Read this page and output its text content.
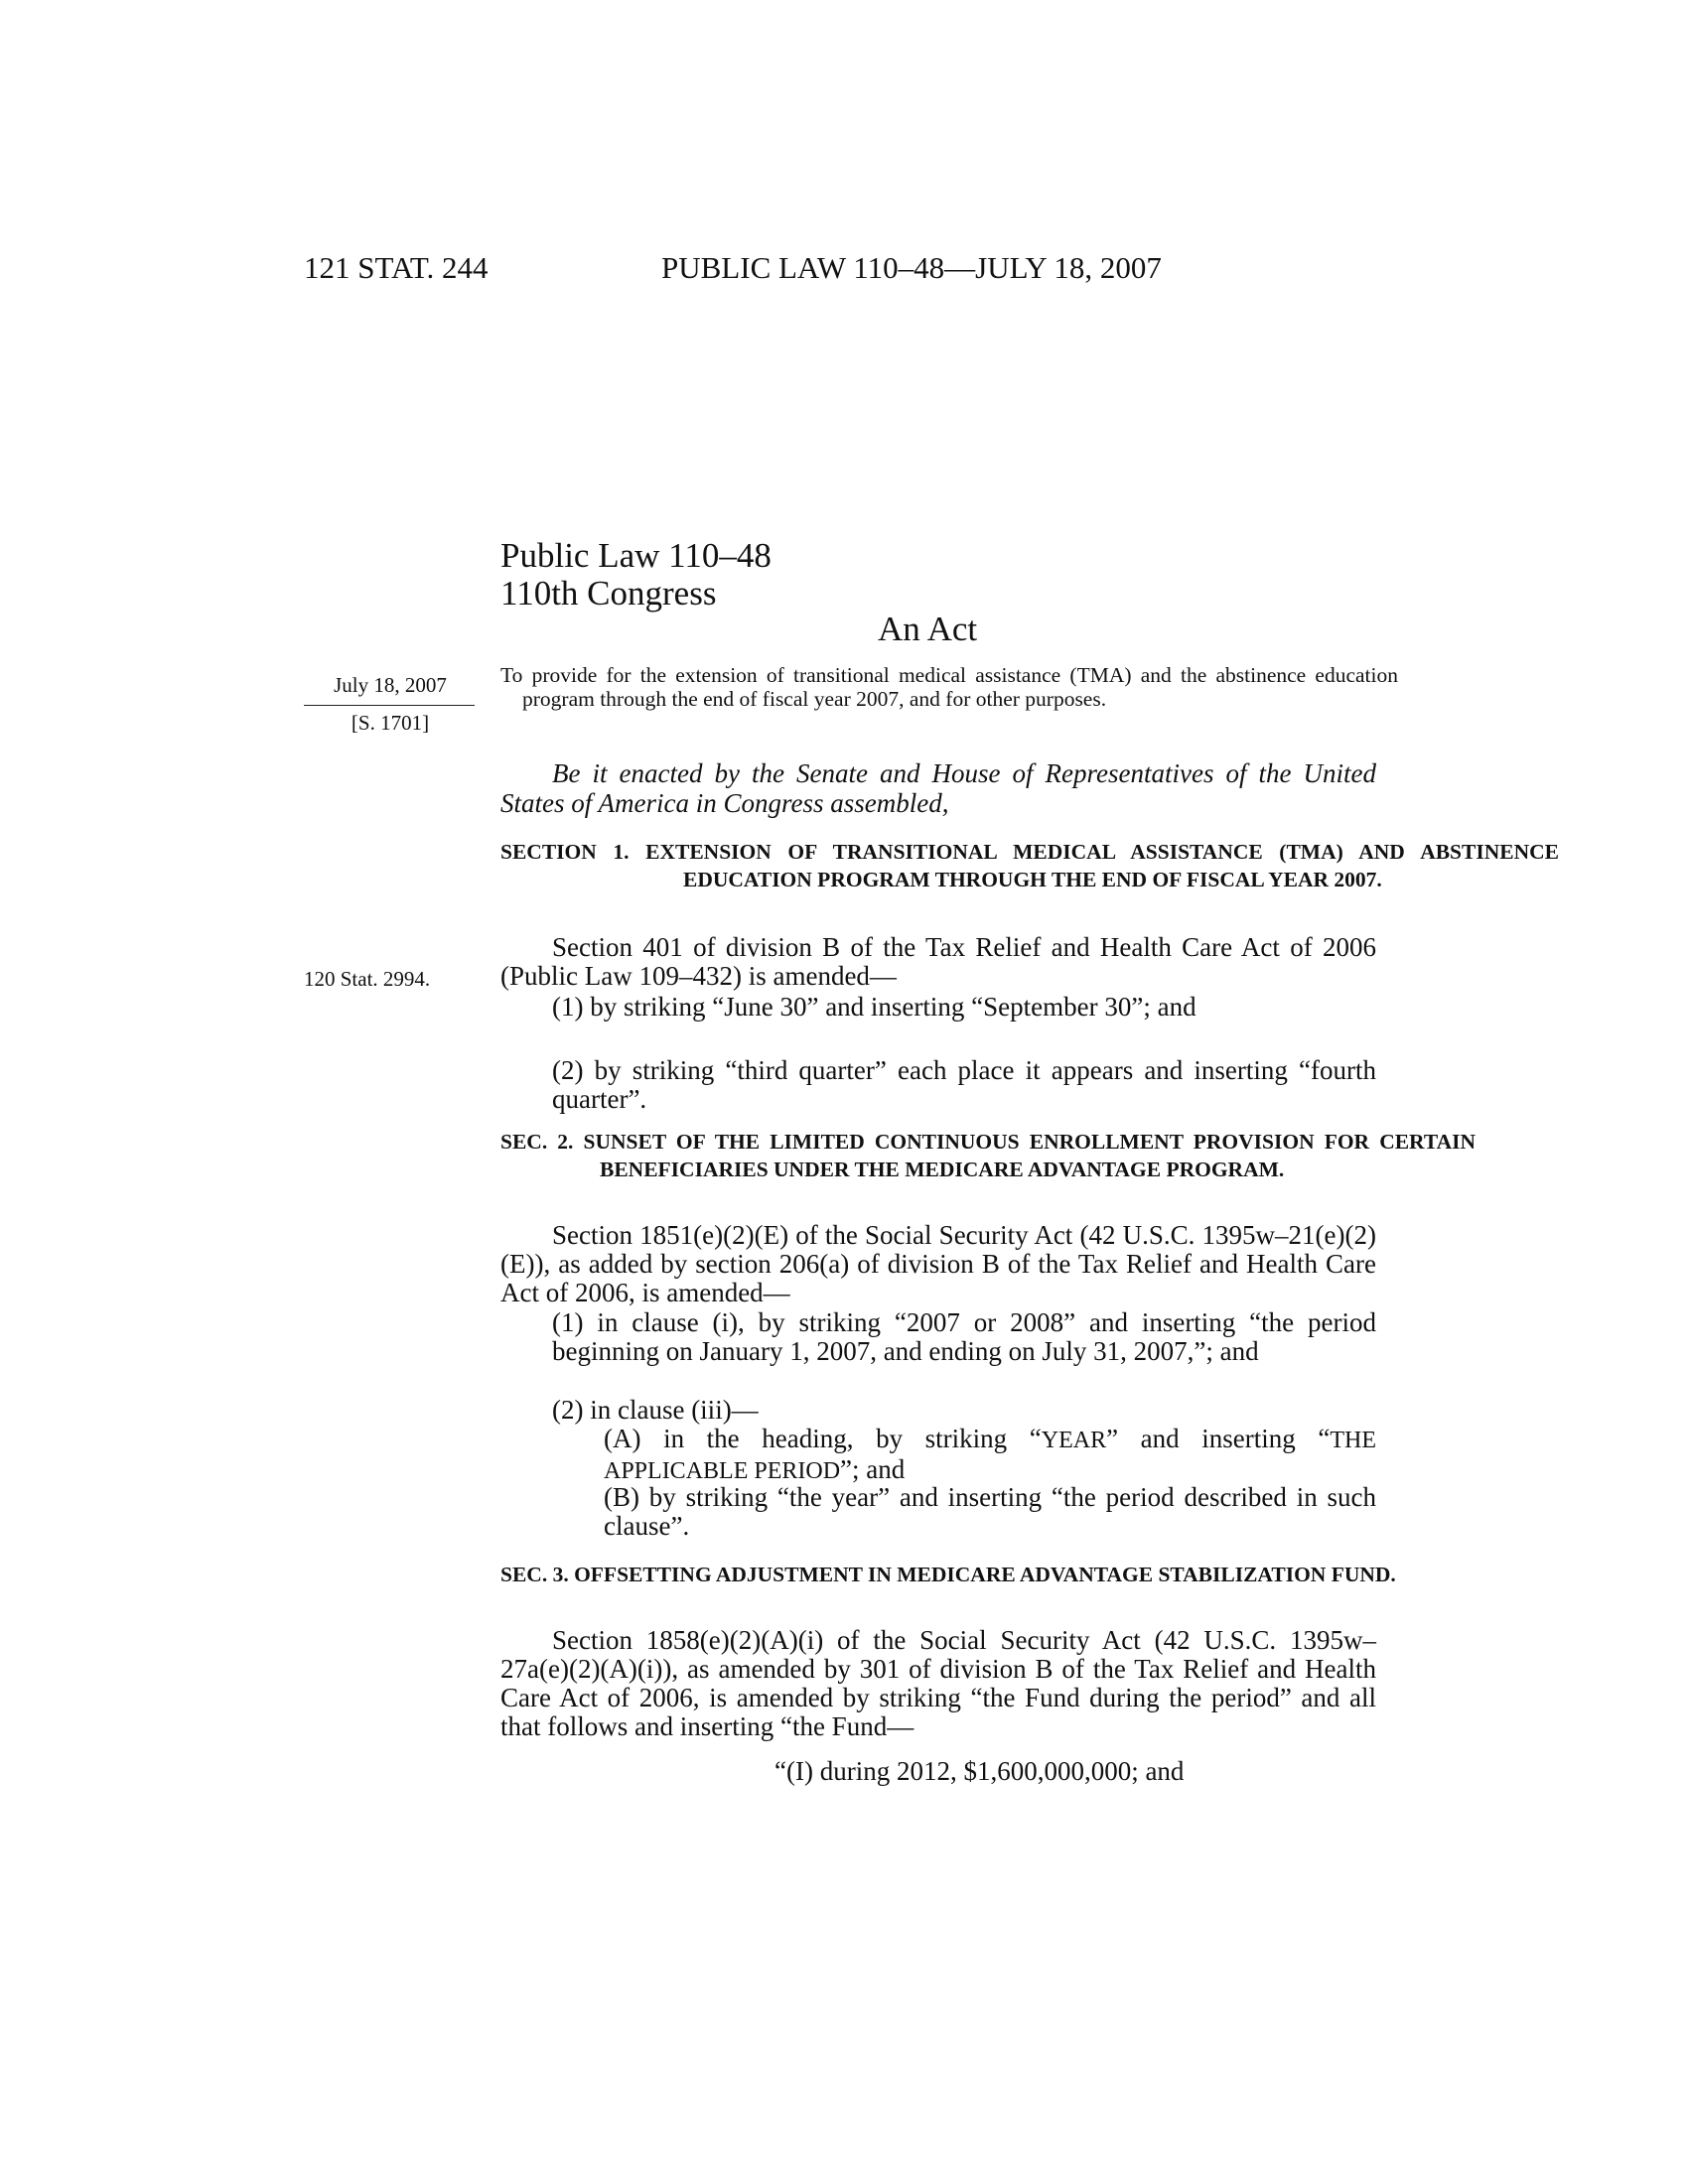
121 STAT. 244	PUBLIC LAW 110–48—JULY 18, 2007
Public Law 110–48
110th Congress
An Act
July 18, 2007
[S. 1701]
120 Stat. 2994.
To provide for the extension of transitional medical assistance (TMA) and the abstinence education program through the end of fiscal year 2007, and for other purposes.
Be it enacted by the Senate and House of Representatives of the United States of America in Congress assembled,
SECTION 1. EXTENSION OF TRANSITIONAL MEDICAL ASSISTANCE (TMA) AND ABSTINENCE EDUCATION PROGRAM THROUGH THE END OF FISCAL YEAR 2007.
Section 401 of division B of the Tax Relief and Health Care Act of 2006 (Public Law 109–432) is amended—
(1) by striking “June 30” and inserting “September 30”; and
(2) by striking “third quarter” each place it appears and inserting “fourth quarter”.
SEC. 2. SUNSET OF THE LIMITED CONTINUOUS ENROLLMENT PROVISION FOR CERTAIN BENEFICIARIES UNDER THE MEDICARE ADVANTAGE PROGRAM.
Section 1851(e)(2)(E) of the Social Security Act (42 U.S.C. 1395w–21(e)(2)(E)), as added by section 206(a) of division B of the Tax Relief and Health Care Act of 2006, is amended—
(1) in clause (i), by striking “2007 or 2008” and inserting “the period beginning on January 1, 2007, and ending on July 31, 2007,”; and
(2) in clause (iii)—
(A) in the heading, by striking “YEAR” and inserting “THE APPLICABLE PERIOD”; and
(B) by striking “the year” and inserting “the period described in such clause”.
SEC. 3. OFFSETTING ADJUSTMENT IN MEDICARE ADVANTAGE STABILIZATION FUND.
Section 1858(e)(2)(A)(i) of the Social Security Act (42 U.S.C. 1395w–27a(e)(2)(A)(i)), as amended by 301 of division B of the Tax Relief and Health Care Act of 2006, is amended by striking “the Fund during the period” and all that follows and inserting “the Fund—
“(I) during 2012, $1,600,000,000; and
